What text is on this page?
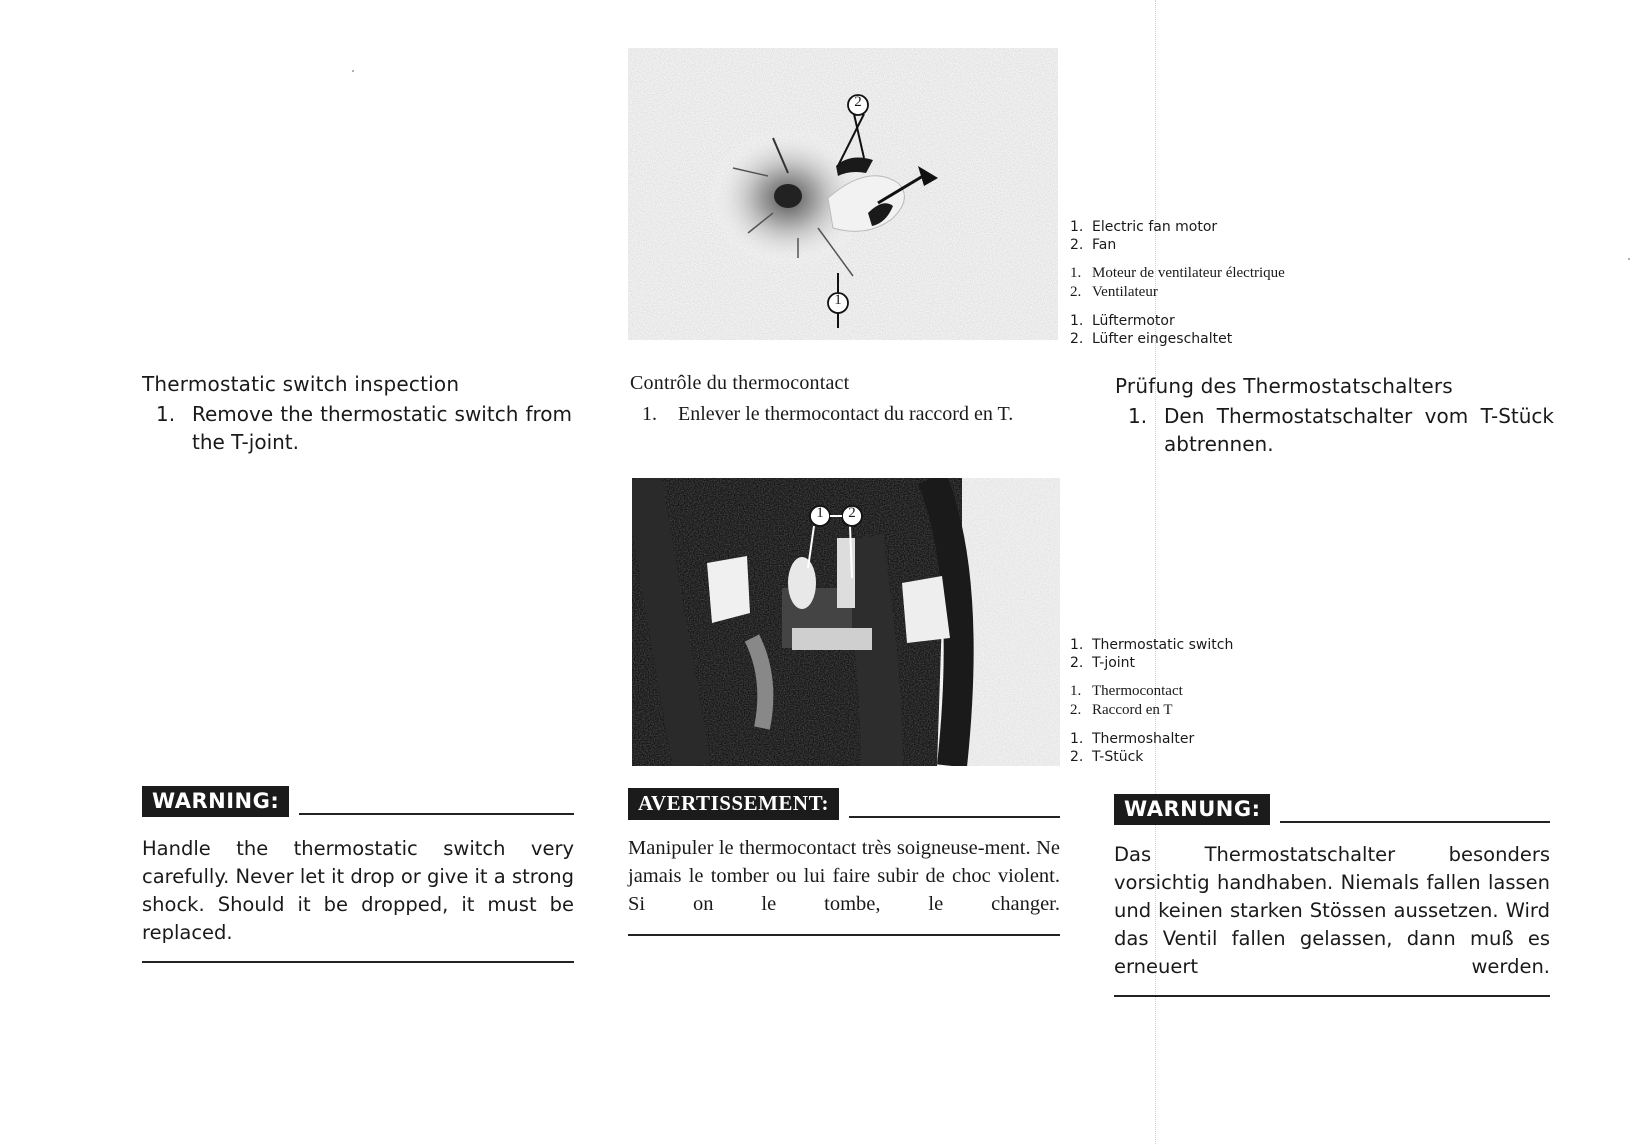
2
1
1. Electric fan motor
2. Fan
1. Moteur de ventilateur électrique
2. Ventilateur
1. Lüftermotor
2. Lüfter eingeschaltet
Thermostatic switch inspection
1. Remove the thermostatic switch from the T-joint.
Contrôle du thermocontact
1. Enlever le thermocontact du raccord en T.
Prüfung des Thermostatschalters
1. Den Thermostatschalter vom T-Stück abtrennen.
1 2
1. Thermostatic switch
2. T-joint
1. Thermocontact
2. Raccord en T
1. Thermoshalter
2. T-Stück
WARNING:
Handle the thermostatic switch very carefully. Never let it drop or give it a strong shock. Should it be dropped, it must be replaced.
AVERTISSEMENT:
Manipuler le thermocontact très soigneuse-ment. Ne jamais le tomber ou lui faire subir de choc violent. Si on le tombe, le changer.
WARNUNG:
Das Thermostatschalter besonders vorsichtig handhaben. Niemals fallen lassen und keinen starken Stössen aussetzen. Wird das Ventil fallen gelassen, dann muß es erneuert werden.
